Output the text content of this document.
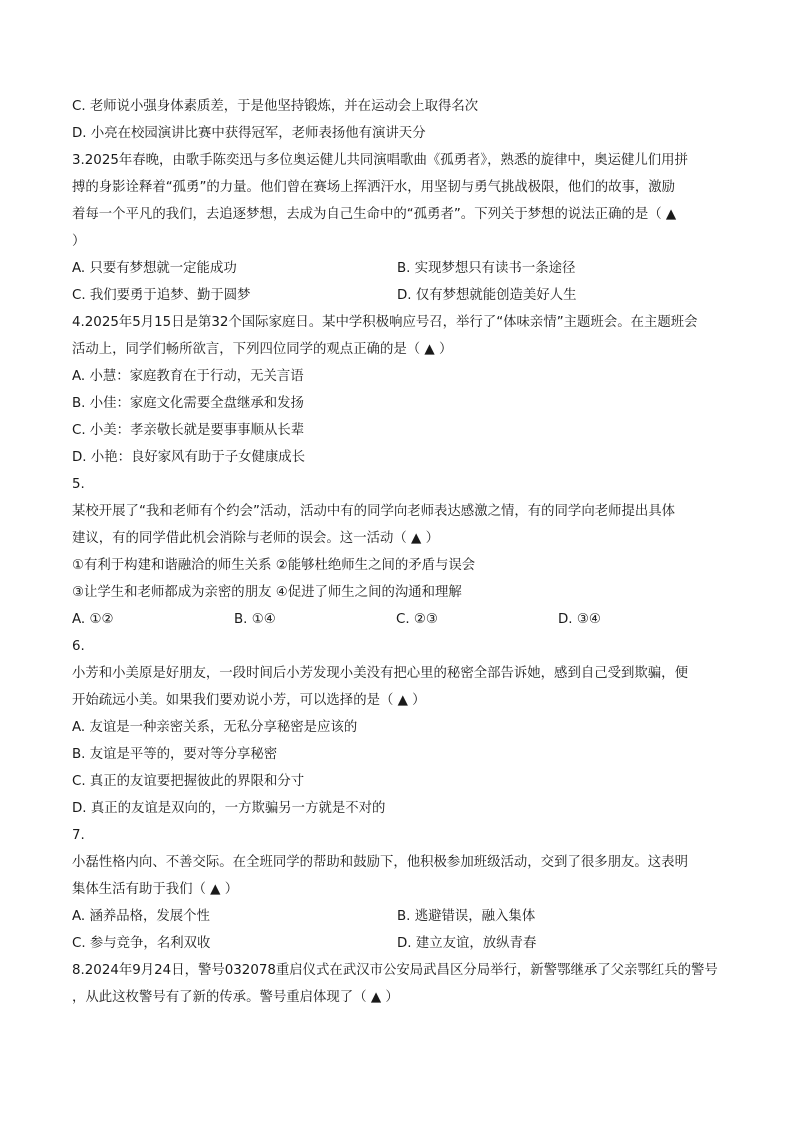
C. 老师说小强身体素质差，于是他坚持锻炼，并在运动会上取得名次
D. 小亮在校园演讲比赛中获得冠军，老师表扬他有演讲天分
3.2025年春晚，由歌手陈奕迅与多位奥运健儿共同演唱歌曲《孤勇者》，熟悉的旋律中，奥运健儿们用拼
搏的身影诠释着“孤勇”的力量。他们曾在赛场上挥洒汗水，用坚韧与勇气挑战极限，他们的故事，激励
着每一个平凡的我们，去追逐梦想，去成为自己生命中的“孤勇者”。下列关于梦想的说法正确的是（ ▲
）
A. 只要有梦想就一定能成功	B. 实现梦想只有读书一条途径
C. 我们要勇于追梦、勤于圆梦	D. 仅有梦想就能创造美好人生
4.2025年5月15日是第32个国际家庭日。某中学积极响应号召，举行了“体味亲情”主题班会。在主题班会
活动上，同学们畅所欲言，下列四位同学的观点正确的是（ ▲ ）
A. 小慧：家庭教育在于行动，无关言语
B. 小佳：家庭文化需要全盘继承和发扬
C. 小美：孝亲敬长就是要事事顺从长辈
D. 小艳：良好家风有助于子女健康成长
5.
某校开展了“我和老师有个约会”活动，活动中有的同学向老师表达感激之情，有的同学向老师提出具体
建议，有的同学借此机会消除与老师的误会。这一活动（ ▲ ）
①有利于构建和谐融洽的师生关系 ②能够杜绝师生之间的矛盾与误会
③让学生和老师都成为亲密的朋友 ④促进了师生之间的沟通和理解
A. ①②	B. ①④	C. ②③	D. ③④
6.
小芳和小美原是好朋友，一段时间后小芳发现小美没有把心里的秘密全部告诉她，感到自己受到欺骗，便
开始疏远小美。如果我们要劝说小芳，可以选择的是（ ▲ ）
A. 友谊是一种亲密关系，无私分享秘密是应该的
B. 友谊是平等的，要对等分享秘密
C. 真正的友谊要把握彼此的界限和分寸
D. 真正的友谊是双向的，一方欺骗另一方就是不对的
7.
小磊性格内向、不善交际。在全班同学的帮助和鼓励下，他积极参加班级活动，交到了很多朋友。这表明
集体生活有助于我们（ ▲ ）
A. 涵养品格，发展个性	B. 逃避错误，融入集体
C. 参与竞争，名利双收	D. 建立友谊，放纵青春
8.2024年9月24日，警号032078重启仪式在武汉市公安局武昌区分局举行，新警鄂继承了父亲鄂红兵的警号
，从此这枚警号有了新的传承。警号重启体现了（ ▲ ）
